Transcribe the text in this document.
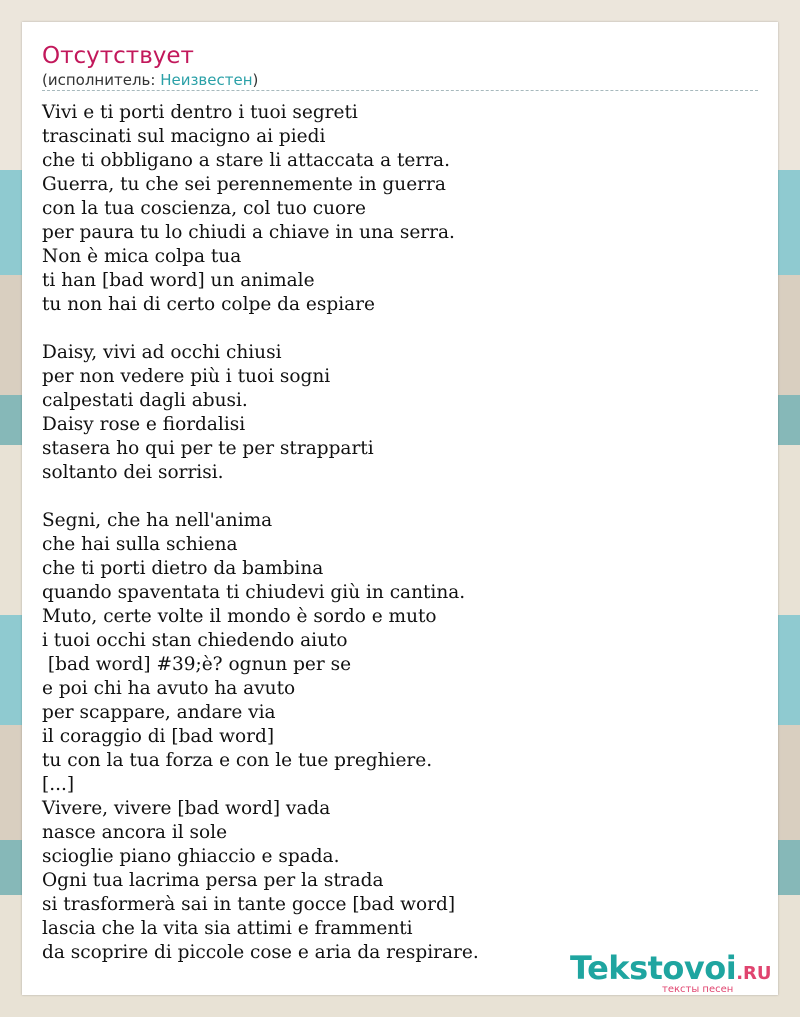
Отсутствует
(исполнитель: Неизвестен)
Vivi e ti porti dentro i tuoi segreti
trascinati sul macigno ai piedi
che ti obbligano a stare li attaccata a terra.
Guerra, tu che sei perennemente in guerra
con la tua coscienza, col tuo cuore
per paura tu lo chiudi a chiave in una serra.
Non è mica colpa tua
ti han [bad word] un animale
tu non hai di certo colpe da espiare
Daisy, vivi ad occhi chiusi
per non vedere più i tuoi sogni
calpestati dagli abusi.
Daisy rose e fiordalisi
stasera ho qui per te per strapparti
soltanto dei sorrisi.
Segni, che ha nell'anima
che hai sulla schiena
che ti porti dietro da bambina
quando spaventata ti chiudevi giù in cantina.
Muto, certe volte il mondo è sordo e muto
i tuoi occhi stan chiedendo aiuto
[bad word] #39;è? ognun per se
e poi chi ha avuto ha avuto
per scappare, andare via
il coraggio di [bad word]
tu con la tua forza e con le tue preghiere.
[...]
Vivere, vivere [bad word] vada
nasce ancora il sole
scioglie piano ghiaccio e spada.
Ogni tua lacrima persa per la strada
si trasformerà sai in tante gocce [bad word]
lascia che la vita sia attimi e frammenti
da scoprire di piccole cose e aria da respirare.	Tekstovoi.RU
тексты песен
